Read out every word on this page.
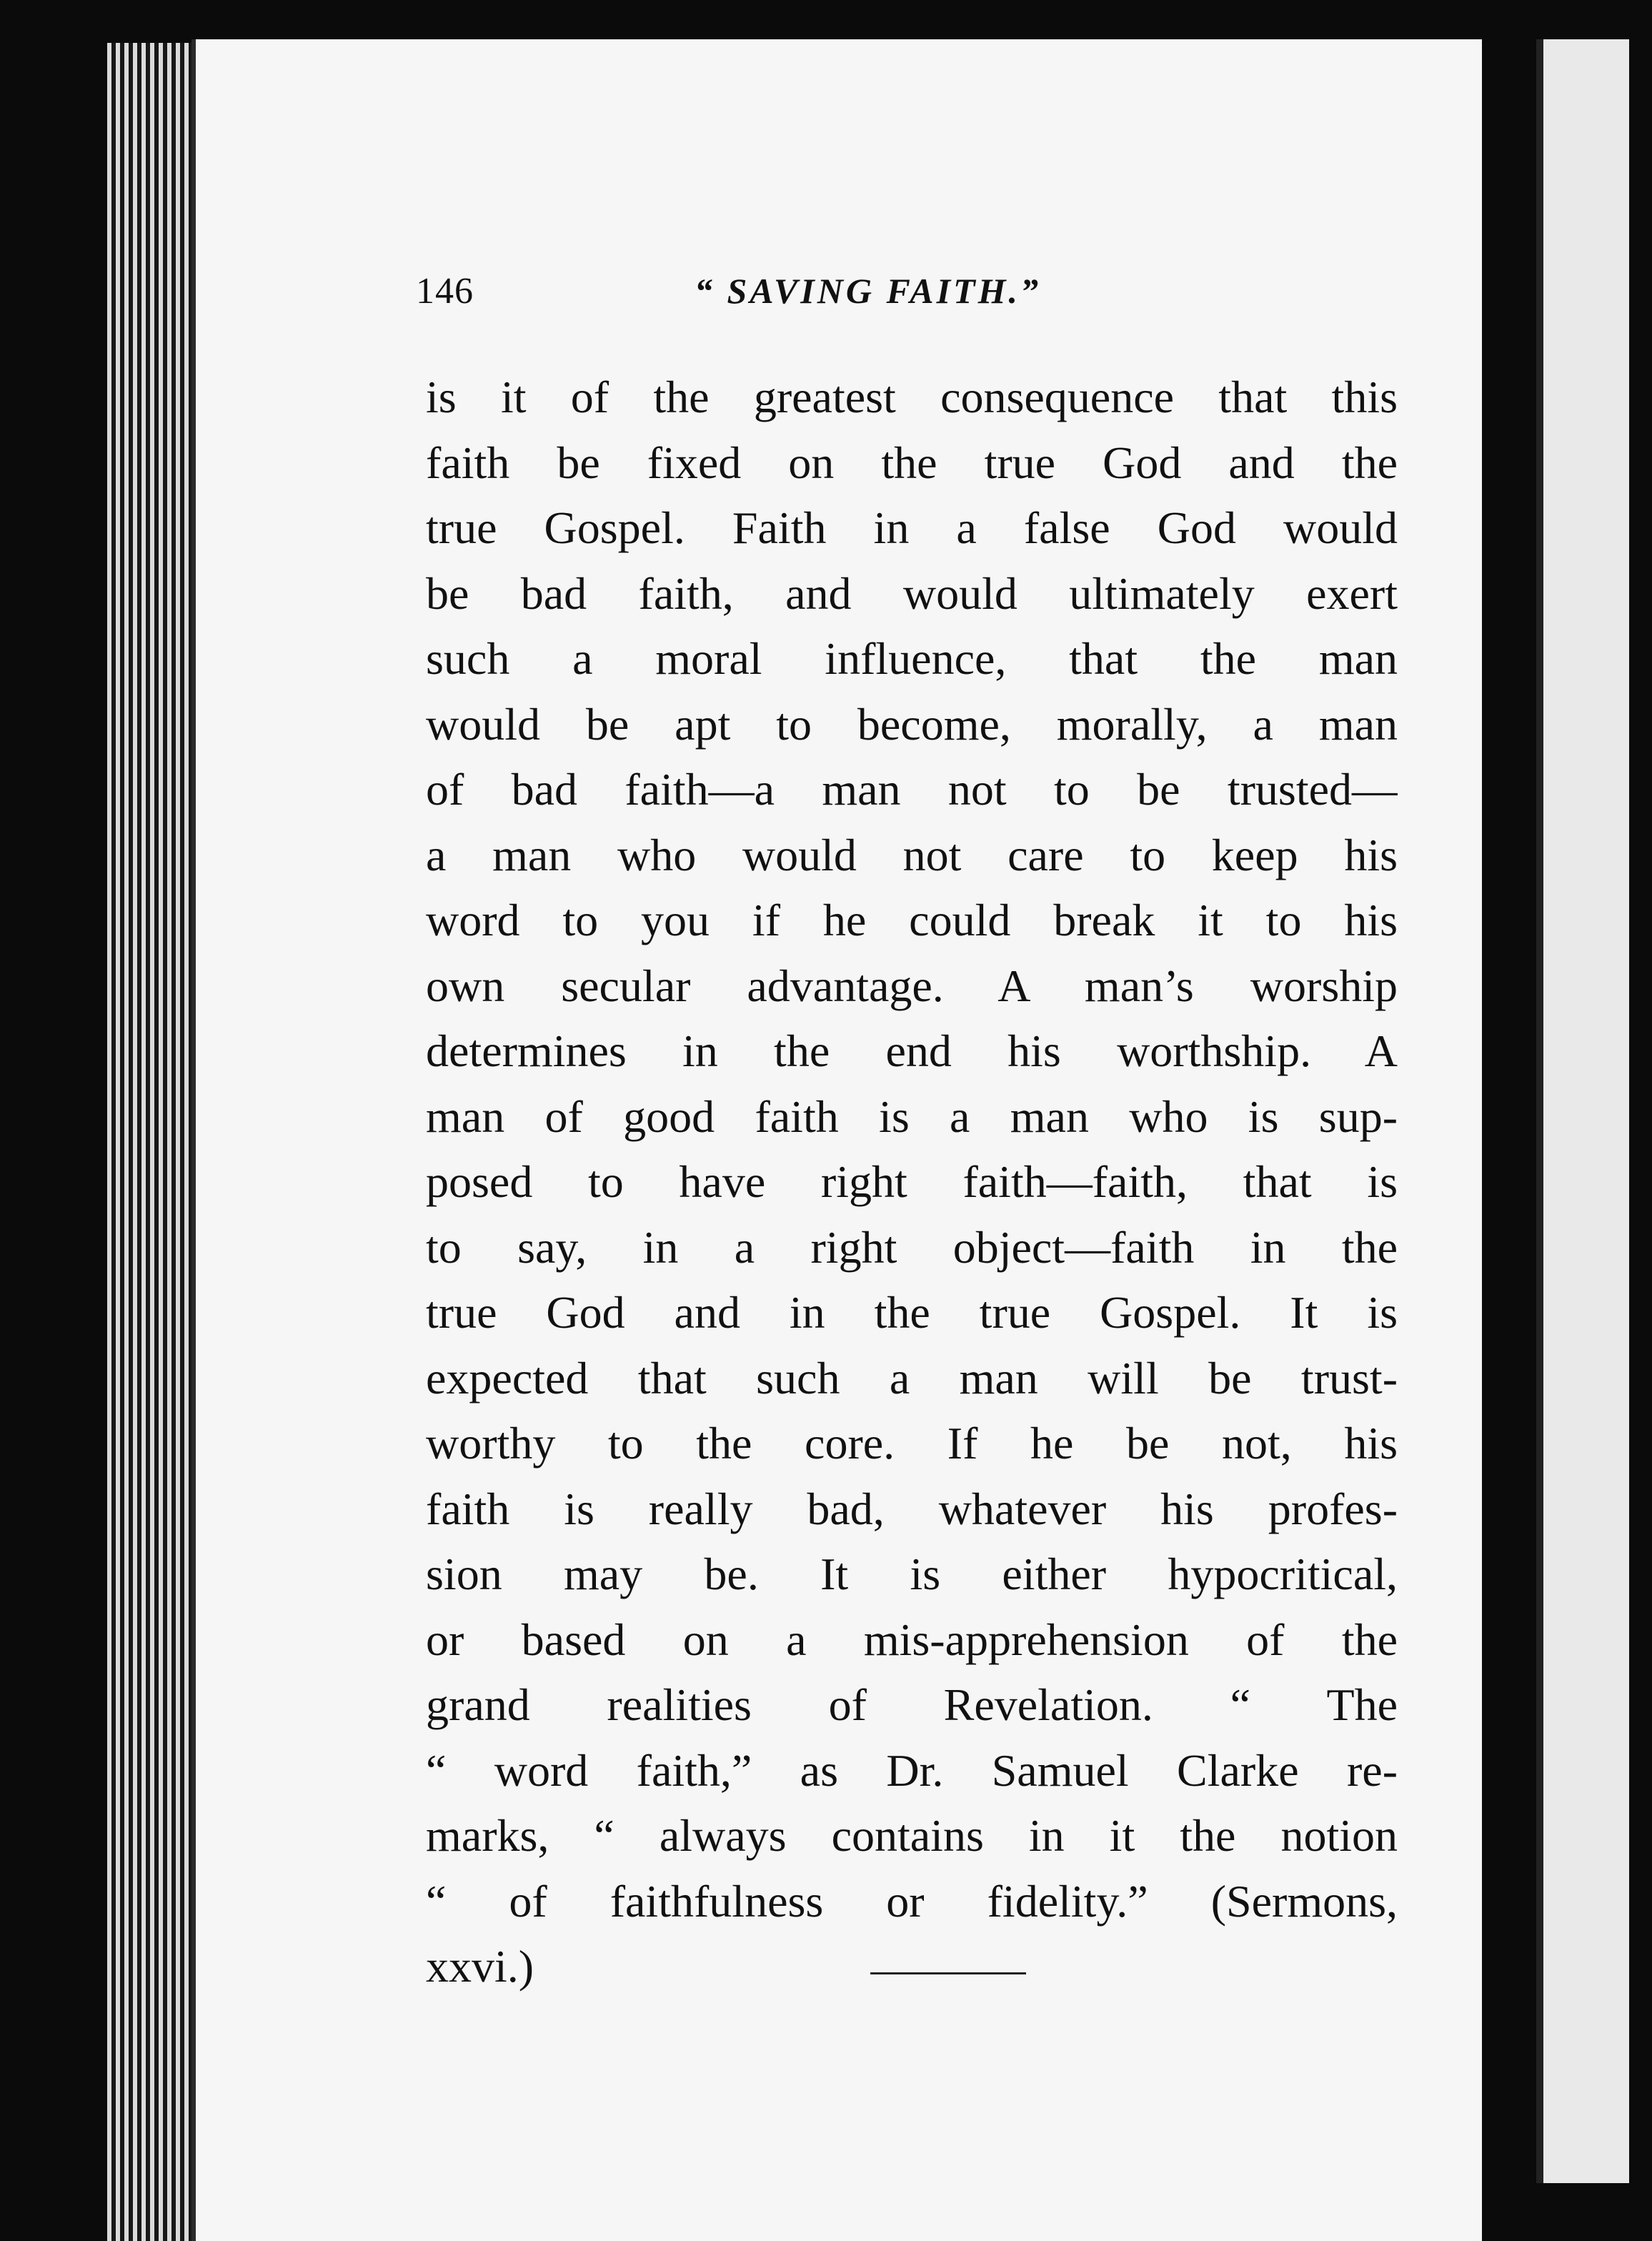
146	“ SAVING FAITH.”
is it of the greatest consequence that this
faith be fixed on the true God and the
true Gospel. Faith in a false God would
be bad faith, and would ultimately exert
such a moral influence, that the man
would be apt to become, morally, a man
of bad faith—a man not to be trusted—
a man who would not care to keep his
word to you if he could break it to his
own secular advantage. A man’s worship
determines in the end his worthship. A
man of good faith is a man who is sup-
posed to have right faith—faith, that is
to say, in a right object—faith in the
true God and in the true Gospel. It is
expected that such a man will be trust-
worthy to the core. If he be not, his
faith is really bad, whatever his profes-
sion may be. It is either hypocritical,
or based on a mis-apprehension of the
grand realities of Revelation. “ The
“ word faith,” as Dr. Samuel Clarke re-
marks, “ always contains in it the notion
“ of faithfulness or fidelity.” (Sermons,
xxvi.)
